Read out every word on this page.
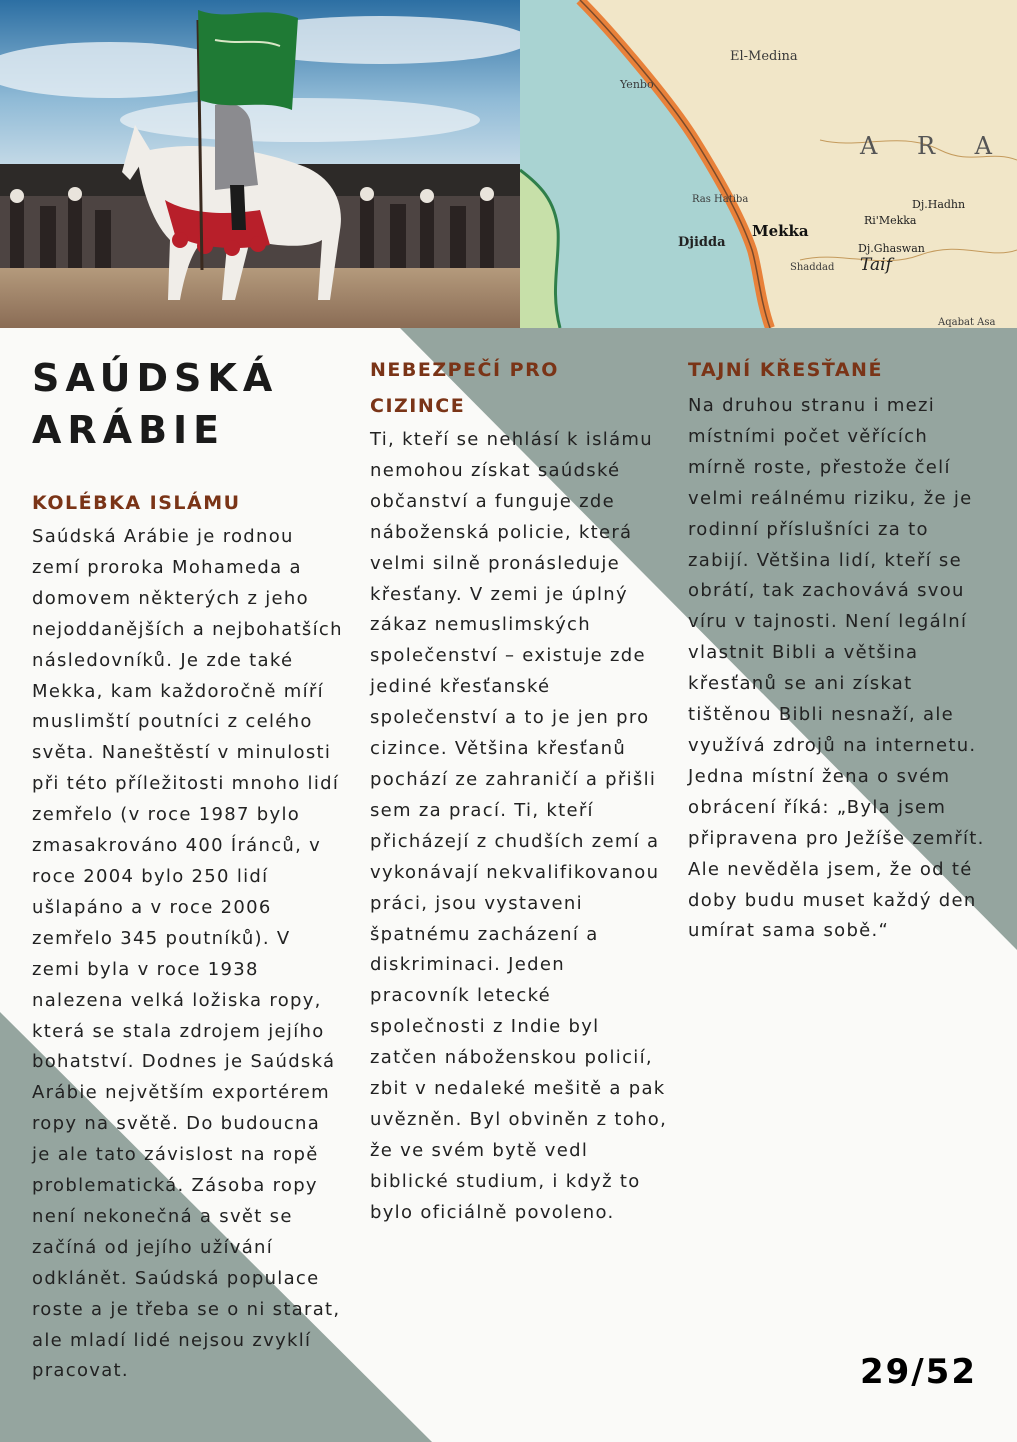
El-Medina
Yenbo
Mekka
Djidda
Taif
Ras Hatiba	Dj.Hadhn
Ri'Mekka
Dj.Ghaswan
Shaddad
Aqabat Asa
A R A
SAÚDSKÁ
ARÁBIE
KOLÉBKA ISLÁMU

Saúdská Arábie je rodnou zemí proroka Mohameda a domovem některých z jeho nejoddanějších a nejbohatších následovníků. Je zde také Mekka, kam každoročně míří muslimští poutníci z celého světa. Naneštěstí v minulosti při této příležitosti mnoho lidí zemřelo (v roce 1987 bylo zmasakrováno 400 Íránců, v roce 2004 bylo 250 lidí ušlapáno a v roce 2006 zemřelo 345 poutníků). V zemi byla v roce 1938 nalezena velká ložiska ropy, která se stala zdrojem jejího bohatství. Dodnes je Saúdská Arábie největším exportérem ropy na světě. Do budoucna je ale tato závislost na ropě problematická. Zásoba ropy není nekonečná a svět se začíná od jejího užívání odklánět. Saúdská populace roste a je třeba se o ni starat, ale mladí lidé nejsou zvyklí pracovat.

NEBEZPEČÍ PRO CIZINCE

Ti, kteří se nehlásí k islámu nemohou získat saúdské občanství a funguje zde náboženská policie, která velmi silně pronásleduje křesťany. V zemi je úplný zákaz nemuslimských společenství – existuje zde jediné křesťanské společenství a to je jen pro cizince. Většina křesťanů pochází ze zahraničí a přišli sem za prací. Ti, kteří přicházejí z chudších zemí a vykonávají nekvalifikovanou práci, jsou vystaveni špatnému zacházení a diskriminaci. Jeden pracovník letecké společnosti z Indie byl zatčen náboženskou policií, zbit v nedaleké mešitě a pak uvězněn. Byl obviněn z toho, že ve svém bytě vedl biblické studium, i když to bylo oficiálně povoleno.

TAJNÍ KŘESŤANÉ

Na druhou stranu i mezi místními počet věřících mírně roste, přestože čelí velmi reálnému riziku, že je rodinní příslušníci za to zabijí. Většina lidí, kteří se obrátí, tak zachovává svou víru v tajnosti. Není legální vlastnit Bibli a většina křesťanů se ani získat tištěnou Bibli nesnaží, ale využívá zdrojů na internetu. Jedna místní žena o svém obrácení říká: „Byla jsem připravena pro Ježíše zemřít. Ale nevěděla jsem, že od té doby budu muset každý den umírat sama sobě.“

29/52
